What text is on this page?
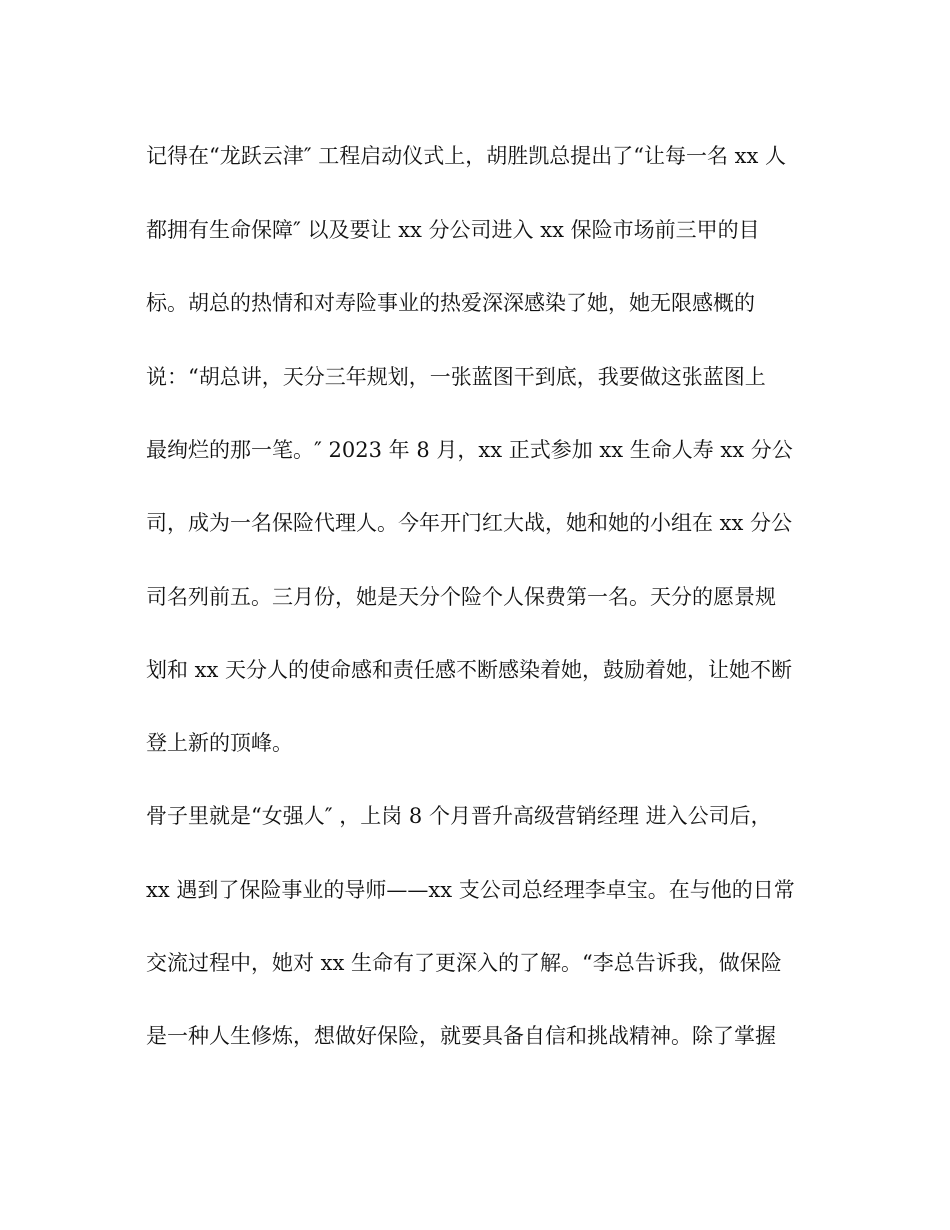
记得在“龙跃云津″ 工程启动仪式上，胡胜凯总提出了“让每一名 xx 人
都拥有生命保障″ 以及要让 xx 分公司进入 xx 保险市场前三甲的目
标。胡总的热情和对寿险事业的热爱深深感染了她，她无限感概的
说：“胡总讲，天分三年规划，一张蓝图干到底，我要做这张蓝图上
最绚烂的那一笔。″ 2023 年 8 月，xx 正式参加 xx 生命人寿 xx 分公
司，成为一名保险代理人。今年开门红大战，她和她的小组在 xx 分公
司名列前五。三月份，她是天分个险个人保费第一名。天分的愿景规
划和 xx 天分人的使命感和责任感不断感染着她，鼓励着她，让她不断
登上新的顶峰。
骨子里就是“女强人″ ，上岗 8 个月晋升高级营销经理 进入公司后，
xx 遇到了保险事业的导师——xx 支公司总经理李卓宝。在与他的日常
交流过程中，她对 xx 生命有了更深入的了解。“李总告诉我，做保险
是一种人生修炼，想做好保险，就要具备自信和挑战精神。除了掌握
